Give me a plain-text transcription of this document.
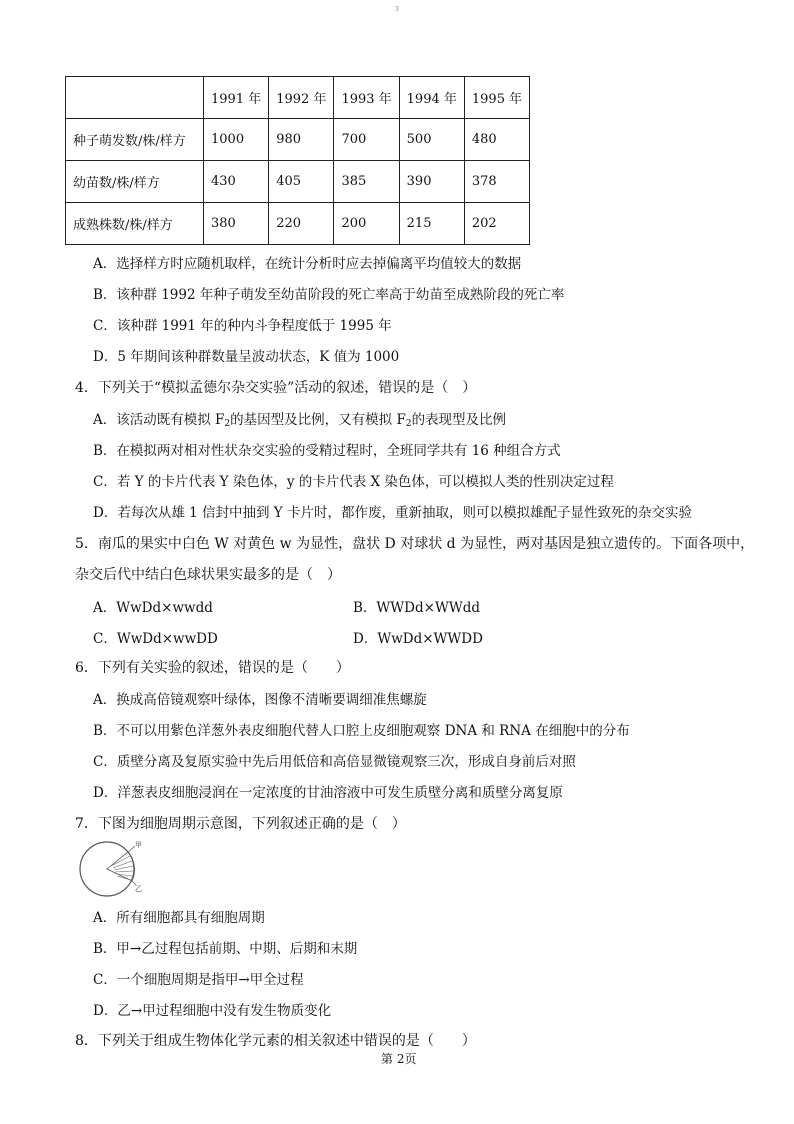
3
	1991 年	1992 年	1993 年	1994 年	1995 年
种子萌发数/株/样方	1000	980	700	500	480
幼苗数/株/样方	430	405	385	390	378
成熟株数/株/样方	380	220	200	215	202
A．选择样方时应随机取样，在统计分析时应去掉偏离平均值较大的数据
B．该种群 1992 年种子萌发至幼苗阶段的死亡率高于幼苗至成熟阶段的死亡率
C．该种群 1991 年的种内斗争程度低于 1995 年
D．5 年期间该种群数量呈波动状态，K 值为 1000
4．下列关于“模拟孟德尔杂交实验”活动的叙述，错误的是（　）
A．该活动既有模拟 $F_2$的基因型及比例，又有模拟 $F_2$的表现型及比例
B．在模拟两对相对性状杂交实验的受精过程时，全班同学共有 16 种组合方式
C．若 Y 的卡片代表 Y 染色体，y 的卡片代表 X 染色体，可以模拟人类的性别决定过程
D．若每次从雄 1 信封中抽到 Y 卡片时，都作废，重新抽取，则可以模拟雄配子显性致死的杂交实验
5．南瓜的果实中白色 W 对黄色 w 为显性，盘状 D 对球状 d 为显性，两对基因是独立遗传的。下面各项中，
杂交后代中结白色球状果实最多的是（　）
A．WwDd×wwdd	B．WWDd×WWdd
C．WwDd×wwDD	D．WwDd×WWDD
6．下列有关实验的叙述，错误的是（　　）
A．换成高倍镜观察叶绿体，图像不清晰要调细准焦螺旋
B．不可以用紫色洋葱外表皮细胞代替人口腔上皮细胞观察 DNA 和 RNA 在细胞中的分布
C．质壁分离及复原实验中先后用低倍和高倍显微镜观察三次，形成自身前后对照
D．洋葱表皮细胞浸润在一定浓度的甘油溶液中可发生质壁分离和质壁分离复原
7．下图为细胞周期示意图，下列叙述正确的是（　）
甲
乙
A．所有细胞都具有细胞周期
B．甲→乙过程包括前期、中期、后期和末期
C．一个细胞周期是指甲→甲全过程
D．乙→甲过程细胞中没有发生物质变化
8．下列关于组成生物体化学元素的相关叙述中错误的是（　　）
第 2页
